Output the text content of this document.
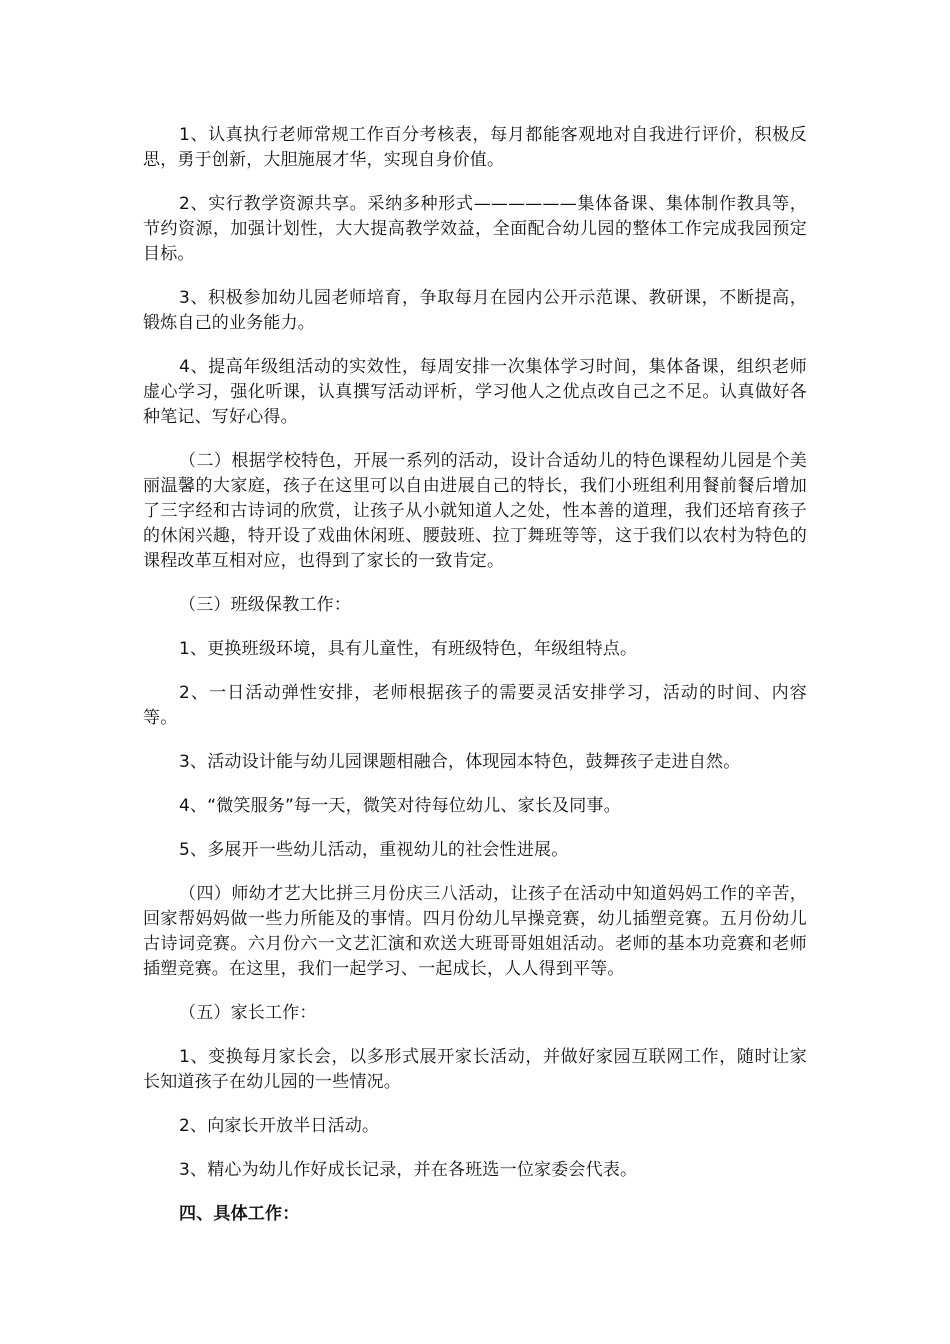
1、认真执行老师常规工作百分考核表，每月都能客观地对自我进行评价，积极反思，勇于创新，大胆施展才华，实现自身价值。

2、实行教学资源共享。采纳多种形式——————集体备课、集体制作教具等，节约资源，加强计划性，大大提高教学效益，全面配合幼儿园的整体工作完成我园预定目标。

3、积极参加幼儿园老师培育，争取每月在园内公开示范课、教研课，不断提高，锻炼自己的业务能力。

4、提高年级组活动的实效性，每周安排一次集体学习时间，集体备课，组织老师虚心学习，强化听课，认真撰写活动评析，学习他人之优点改自己之不足。认真做好各种笔记、写好心得。

（二）根据学校特色，开展一系列的活动，设计合适幼儿的特色课程幼儿园是个美丽温馨的大家庭，孩子在这里可以自由进展自己的特长，我们小班组利用餐前餐后增加了三字经和古诗词的欣赏，让孩子从小就知道人之处，性本善的道理，我们还培育孩子的休闲兴趣，特开设了戏曲休闲班、腰鼓班、拉丁舞班等等，这于我们以农村为特色的课程改革互相对应，也得到了家长的一致肯定。

（三）班级保教工作：

1、更换班级环境，具有儿童性，有班级特色，年级组特点。

2、一日活动弹性安排，老师根据孩子的需要灵活安排学习，活动的时间、内容等。

3、活动设计能与幼儿园课题相融合，体现园本特色，鼓舞孩子走进自然。

4、“微笑服务”每一天，微笑对待每位幼儿、家长及同事。

5、多展开一些幼儿活动，重视幼儿的社会性进展。

（四）师幼才艺大比拼三月份庆三八活动，让孩子在活动中知道妈妈工作的辛苦，回家帮妈妈做一些力所能及的事情。四月份幼儿早操竞赛，幼儿插塑竞赛。五月份幼儿古诗词竞赛。六月份六一文艺汇演和欢送大班哥哥姐姐活动。老师的基本功竞赛和老师插塑竞赛。在这里，我们一起学习、一起成长，人人得到平等。

（五）家长工作：

1、变换每月家长会，以多形式展开家长活动，并做好家园互联网工作，随时让家长知道孩子在幼儿园的一些情况。

2、向家长开放半日活动。

3、精心为幼儿作好成长记录，并在各班选一位家委会代表。

四、具体工作：
